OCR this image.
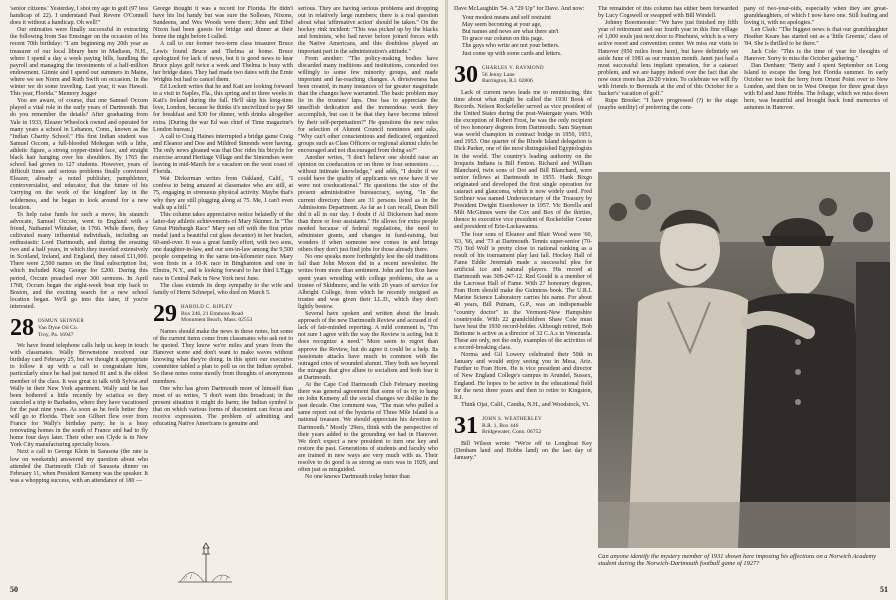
'senior citizens.' Yesterday, I shot my age in golf (97 less handicap of 22). I understand Paul Revere O'Connell does it without a handicap. Oh well!"

Our entreaties were finally successful in extracting the following from Sue Emsinger on the occasion of his recent 70th birthday: "I am beginning my 20th year as treasurer of our local library here in Madison, N.H., where I spend a day a week paying bills, handling the payroll and managing the investments of a half-million endowment. Ginnie and I spend our summers in Maine, where we see Norm and Ruth Swift on occasion. In the winter we do some traveling. Last year, it was Hawaii. This year, Florida." Memory Jogger

You are aware, of course, that one Samuel Occom played a vital role in the early years of Dartmouth. But do you remember the details? After graduating from Yale in 1933, Eleazer Wheelock owned and operated for many years a school in Lebanon, Conn., known as the "Indian Charity School." His first Indian student was Samuel Occom, a full-blooded Mohegan with a lithe, athletic figure, a strong copper-tinted face, and straight black hair hanging over his shoulders. By 1765 the school had grown to 127 students. However, years of difficult times and serious problems finally convinced Eleazer, already a noted publisher, pamphleteer, controversialist, and educator, that the future of his 'carrying on the work of the kingdom' lay in the wilderness, and he began to look around for a new location.

To help raise funds for such a move, his staunch advocate, Samuel Occom, went to England with a friend, Nathaniel Whitaker, in 1766. While there, they cultivated many influential individuals, including an enthusiastic Lord Dartmouth, and during the ensuing two and a half years, in which they traveled extensively in Scotland, Ireland, and England, they raised £11,000. There were 2,500 names on the final subscription list, which included King George for £200. During this period, Occum preached over 300 sermons. In April 1768, Occum began the eight-week boat trip back to Boston, and the exciting search for a new school location began. We'll go into this later, if you're interested.

28 OSMUN SKINNER
Van Dyne Oil Co.
Troy, Pa. 16947

We have found telephone calls help us keep in touch with classmates. Wally Brownstone received our birthday card February 25, but we thought it appropriate to follow it up with a call to congratulate him, particularly since he had just turned 81 and is the oldest member of the class. It was great to talk with Sylvia and Wally in their New York apartment. Wally said he has been bothered a little recently by sciatica so they canceled a trip to Barbados, where they have vacationed for the past nine years. As soon as he feels better they will go to Florida. Their son Gilbert flew over from France for Wally's birthday party; he is a busy renovating homes in the south of France and had to fly home four days later. Their other son Clyde is in New York City manufacturing specialty boxes.

Next a call to George Klein in Sarasota (the rate is low on weekends) answered my question about who attended the Dartmouth Club of Sarasota dinner on February 11, when President Kemeny was the speaker. It was a whopping success, with an attendance of 180 —

George thought it was a record for Florida. He didn't have his list handy but was sure the Solleses, Nixons, Sundeens, and Wes Woods were there; John and Ethel Nixon had been guests for bridge and dinner at their home the night before I called.

A call to our former two-term class treasurer Bruce Lewis found Bruce and Thelma at home. Bruce apologized for lack of news, but it is good news to hear Bruce plays golf twice a week and Thelma is busy with her bridge dates. They had made two dates with the Ernie Wrights but had to cancel them.

Ed Lockett writes that he and Kati are looking forward to a visit to Naples, Fla., this spring and to three weeks in Kati's Ireland during the fall. He'll skip his long-time love, London, because he thinks it's uncivilized to pay $8 for breakfast and $30 for dinner, with drinks altogether extra. (During the war Ed was chief of Time magazine's London bureau.)

A call to Craig Haines interrupted a bridge game Craig and Eleanor and Doe and Mildred Simonds were having. The only news gleaned was that Doc rides his bicycle for exercise around Heritage Village and the Simondses were leaving in mid-March for a vacation on the west coast of Florida.

Wat Dickerman writes from Oakland, Calif., "I confess to being amazed at classmates who are still, at 75, engaging in strenuous physical activity. Maybe that's why they are still plugging along at 75. Me, I can't even walk up a hill."

This column takes appreciative notice belatedly of the latter-day athletic achievements of Mary Skinner. In "The Great Pittsburgh Race" Mary ran off with the first prize medal (and a beautiful cut glass decanter) in her bracket, 60-and-over. It was a great family effort, with two sons, one daughter-in-law, and our son-in-law among the 9,500 people competing in the same ten-kilometer race. Mary won firsts in a 10-K race in Binghamton and one in Elmira, N.Y., and is looking forward to her third L'Eggs race in Central Park in New York next June.

The class extends its deep sympathy to the wife and family of Herm Schnepel, who died on March 5.

29 HAROLD C. RIPLEY
Box 246, 21 Emmons Road
Monument Beach, Mass. 02553

Names should make the news in these notes, but some of the current items come from classmates who ask not to be quoted. They know we're miles and years from the Hanover scene and don't want to make waves without knowing what they're doing. In this spirit our executive committee tabled a plan to poll us on the Indian symbol. So these notes come mostly from thoughts of anonymous members.

One who has given Dartmouth more of himself than most of us writes, "I don't want this broadcast; in the present situation it might do harm; the Indian symbol is that on which various forms of discontent can focus and receive expression. The problem of admitting and educating Native Americans is genuine and

serious. They are having serious problems and dropping out in relatively large numbers; there is a real question about what 'affirmative action' should be taken." On the hockey rink incident: "This was picked up by the blacks and feminists, who had never before joined forces with the Native Americans, and this doubtless played an important part in the administration's attitude."

From another: "The policy-making bodies have discarded many traditions and institutions, conceded too willingly to some few minority groups, and made important and far-reaching changes. A divisiveness has been created, in many instances of far greater magnitude than the changes have warranted. The basic problem may lie in the trustees' laps. One has to appreciate the unselfish dedication and the tremendous work they accomplish, but can it be that they have become inbred by their self-perpetuation?" He questions the new rules for selection of Alumni Council nominees and asks, "Why can't other conscientious and dedicated, organized groups such as Class Officers or regional alumni clubs be encouraged and not discouraged from doing so?"

Another writes, "I don't believe one should raise an opinion on coeducation or on three or four semesters . . . without intimate knowledge," and adds, "I doubt if we could have the quality of applicants we now have if we were not coeducational." He questions the size of the present administrative bureaucracy, saying, "In the current directory there are 31 persons listed as in the Admissions Department. As far as I can recall, Dean Bill did it all in our day. I doubt if Al Dickerson had more than three or four assistants." He allows for extra people needed because of federal regulations, the need to administer grants, and changes in fund-raising, but wonders if when someone new comes in and brings others they don't just find jobs for those already there.

No one speaks more forthrightly lest the old traditions fail than John Moxon did in a recent newsletter. He writes from more than sentiment. John and his Roz have spent years wrestling with college problems, she as a trustee of Skidmore, and he with 20 years of service for Albright College, from which he recently resigned as trustee and was given their LL.D., which they don't lightly bestow.

Several have spoken and written about the brash approach of the new Dartmouth Review and accused it of lack of fair-minded reporting. A mild comment is, "I'm not sure I agree with the way the Review is acting, but it does recognize a need." More seem to regret than approve the Review, but do agree it could be a help. Its passionate attacks have much in common with the outraged cries of wounded alumni. They both see beyond the mirages that give allure to socialism and both fear it at Dartmouth.

At the Cape Cod Dartmouth Club February meeting there was general agreement that some of us try to hang on John Kemeny all the social changes we dislike in the past decade. One comment was, "The man who pulled a same report out of the hysteria of Three Mile Island is a national treasure. We should appreciate his devotion to Dartmouth." Mostly '29ers, think with the perspective of their years added to the grounding we had in Hanover. We don't expect a new president to turn one key and restore the past. Generations of students and faculty who are trained in new ways are very much with us. Their resolve to do good is as strong as ours was in 1929, and often just as misguided.

No one knows Dartmouth today better than

50

Dave McLaughlin '54. A "29 Up" for Dave. And now:

Your modest means and self restraint
May seem becoming at your age,
But names and news are what there ain't
To grace our column on this page.
The guys who write are not your betters.
Just come up with some cards and letters.
30 CHARLES V. RAYMOND
56 Jenny Lane
Barrington, R.I. 02806

Lack of current news leads me to reminiscing, this time about what might be called the 1930 Book of Records. Nelson Rockefeller served as vice president of the United States during the post-Watergate years. With the exception of Robert Frost, he was the only recipient of two honorary degrees from Dartmouth. Sam Stayman was world champion in contract bridge in 1950, 1951, and 1953. One quarter of the Rhode Island delegation is Dick Parker, one of the most distinguished Egyptologists in the world. The country's leading authority on the Iroquois Indians is Bill Fenton. Richard and William Blanchard, twin sons of Dot and Bill Blanchard, were senior fellows at Dartmouth in 1955. Hank Bixgo originated and developed the first single operation for cataract and glaucoma, which is now widely used. Fred Scribner was named Undersecretary of the Treasury by President Dwight Eisenhower in 1957. Vic Borella and Milt McGinnes were the Cox and Box of the thirties, thence to executive vice president of Rockefeller Center and president of Erie-Lackawanna.

The four sons of Eleanor and Blair Wood were '60, '63, '66, and '73 at Dartmouth. Tennis super-senior (70-75) Ted Wolf is pretty close to national ranking as a result of his tournament play last fall. Hockey Hall of Fame Eddie Jeremiah made a successful plea for artificial ice and natural players. His record at Dartmouth was 308-247-12. Red Gould is a member of the Lacrosse Hall of Fame. With 27 honorary degrees, Fran Horn should make the Guinness book. The U.R.I. Marine Science Laboratory carries his name. For about 40 years, Bill Putnam, G.P., was an indispensable "country doctor" in the Vermont-New Hampshire countryside. With 22 grandchildren Shaw Cole must have beat the 1930 record-holder. Although retired, Bob Bottome is active as a director of 32 C.A.s in Venezuela. These are only, not the only, examples of the activities of a record-breaking class.

Norma and Gil Lowery celebrated their 50th in January and would enjoy seeing you in Mesa, Ariz. Further to Fran Horn. He is vice president and director of New England College's campus in Arundel, Sussex, England. He hopes to be active in the educational field for the next three years and then to retire to Kingston, R.I.

Think Ojai, Calif., Candia, N.H., and Woodstock, Vt.

31 JOHN S. WEATHERLEY
R.R. 1, Box 446
Bridgewater, Conn. 06752

Bill Wilson wrote: "We're off to Longboat Key (Denham land and Hobbs land) on the last day of January."

The remainder of this column has either been forwarded by Lucy Cogswell or swapped with Bill Windell.

Johnny Boermeester: "We have just finished my fifth year of retirement and our fourth year in this fine village of 1,000 souls just next door to Pinehurst, which is a very active resort and convention center. We miss our visits to Hanover (950 miles from here), but have definitely set aside June of 1981 as our reunion month. Janet just had a most successful lens implant operation, for a cataract problem, and we are happy indeed over the fact that she now once more has 20/20 vision. To celebrate we will fly with friends to Bermuda at the end of this October for a 'hacker's' vacation of golf."

Rupe Brooke: "I have progressed (?) to the stage (maybe senility) of preferring the com-

pany of two-year-olds, especially when they are great-granddaughters, of which I now have one. Still loafing and loving it, with no apologies."

Len Clark: "The biggest news is that our granddaughter Heather Keare has started out as a 'little Greenie,' class of '84. She is thrilled to be there."

Jack Cole: "This is the time of year for thoughts of Hanover. Sorry to miss the October gathering."

Dan Denham: "Betty and I spent September on Long Island to escape the long hot Florida summer. In early October we took the ferry from Orient Point over to New London, and then on to West Oneque for three great days with Ed and June Hobbs. The foliage, which we miss down here, was beautiful and brought back fond memories of autumns in Hanover.

Can anyone identify the mystery member of 1931 shown here imposing his affections on a Norwich Academy student during the Norwich-Dartmouth football game of 1927?
51
